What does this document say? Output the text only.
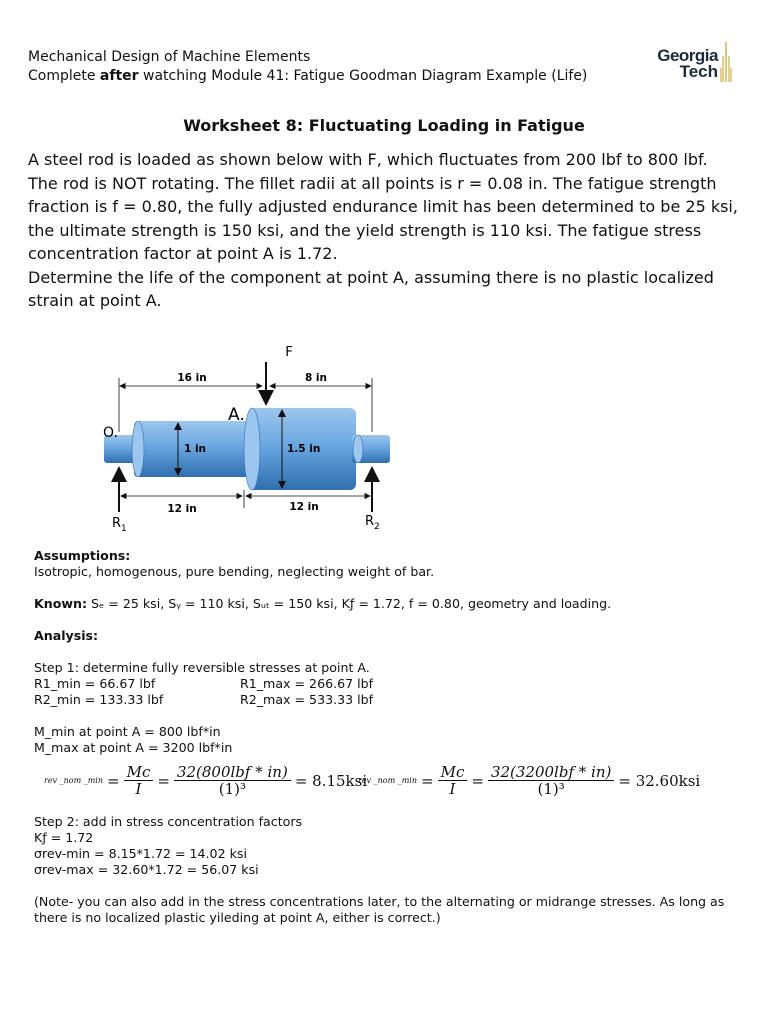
Mechanical Design of Machine Elements
Complete after watching Module 41: Fatigue Goodman Diagram Example (Life)
Georgia
Tech
Worksheet 8: Fluctuating Loading in Fatigue

A steel rod is loaded as shown below with F, which fluctuates from 200 lbf to 800 lbf. The rod is NOT rotating. The fillet radii at all points is r = 0.08 in. The fatigue strength fraction is f = 0.80, the fully adjusted endurance limit has been determined to be 25 ksi, the ultimate strength is 150 ksi, and the yield strength is 110 ksi. The fatigue stress concentration factor at point A is 1.72.

Determine the life of the component at point A, assuming there is no plastic localized strain at point A.

F
16 in	8 in
A.
O.
1 in	1.5 in
12 in	12 in
$R_1$	$R_2$

Assumptions:

Isotropic, homogenous, pure bending, neglecting weight of bar.

Known: Sₑ = 25 ksi, Sᵧ = 110 ksi, Sᵤₜ = 150 ksi, Kƒ = 1.72, f = 0.80, geometry and loading.

Analysis:

Step 1: determine fully reversible stresses at point A.

R1_min = 66.67 lbf	R1_max = 266.67 lbf
R2_min = 133.33 lbf	R2_max = 533.33 lbf

M_min at point A = 800 lbf*in

M_max at point A = 3200 lbf*in

rev _nom _min = $\frac{Mc}{I} = \frac{\text{32(800lbf * in)}}{\text{(1)³}} = 8.15ksi$
rev _nom _min = $\frac{Mc}{I} = \frac{\text{32(3200lbf * in)}}{\text{(1)³}} = 32.60ksi$

Step 2: add in stress concentration factors

Kƒ = 1.72

σrev-min = 8.15*1.72 = 14.02 ksi

σrev-max = 32.60*1.72 = 56.07 ksi

(Note- you can also add in the stress concentrations later, to the alternating or midrange stresses. As long as there is no localized plastic yileding at point A, either is correct.)
